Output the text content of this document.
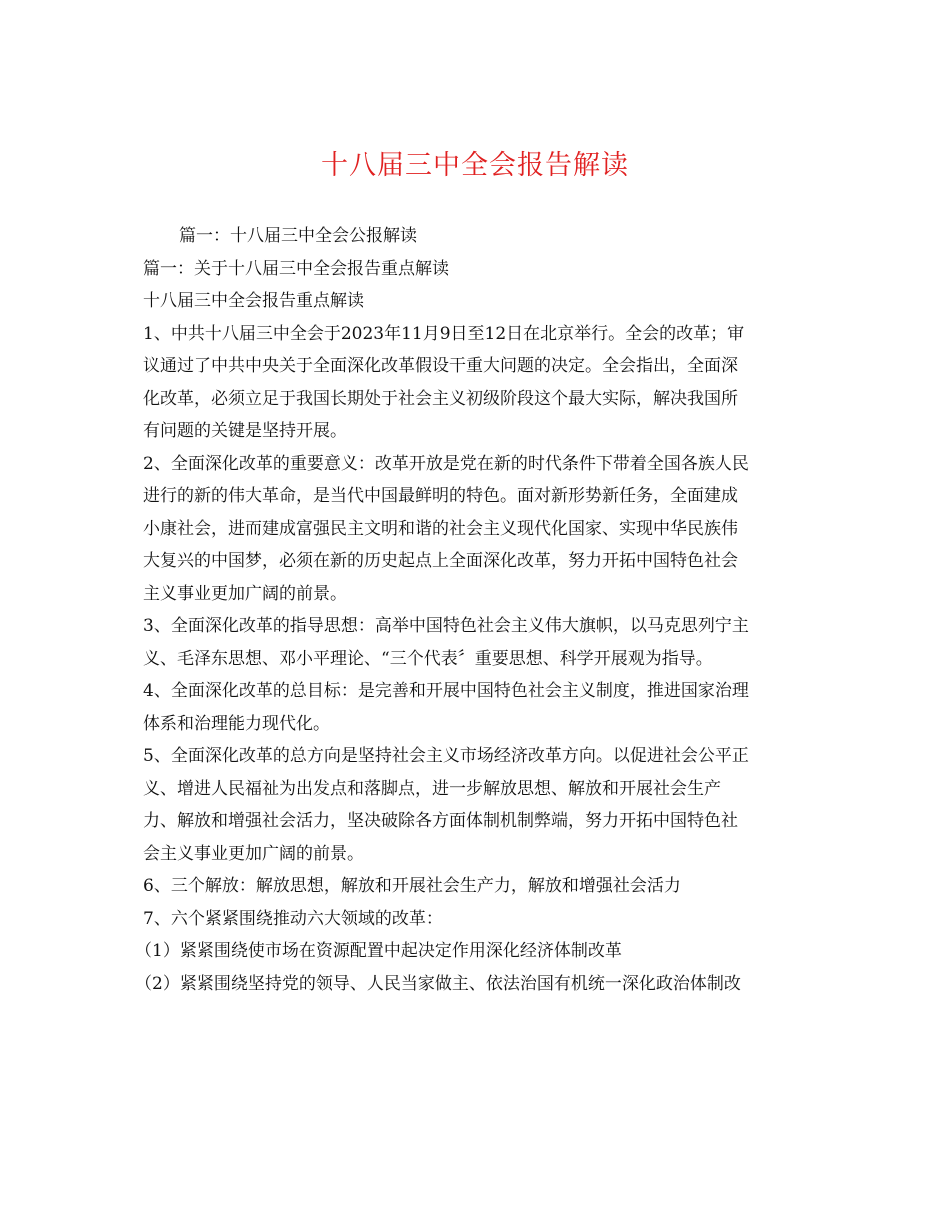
十八届三中全会报告解读
篇一：十八届三中全会公报解读
篇一：关于十八届三中全会报告重点解读
十八届三中全会报告重点解读
1、中共十八届三中全会于2023年11月9日至12日在北京举行。全会的改革；审
议通过了中共中央关于全面深化改革假设干重大问题的决定。全会指出，全面深
化改革，必须立足于我国长期处于社会主义初级阶段这个最大实际，解决我国所
有问题的关键是坚持开展。
2、全面深化改革的重要意义：改革开放是党在新的时代条件下带着全国各族人民
进行的新的伟大革命，是当代中国最鲜明的特色。面对新形势新任务，全面建成
小康社会，进而建成富强民主文明和谐的社会主义现代化国家、实现中华民族伟
大复兴的中国梦，必须在新的历史起点上全面深化改革，努力开拓中国特色社会
主义事业更加广阔的前景。
3、全面深化改革的指导思想：高举中国特色社会主义伟大旗帜，以马克思列宁主
义、毛泽东思想、邓小平理论、“三个代表〞重要思想、科学开展观为指导。
4、全面深化改革的总目标：是完善和开展中国特色社会主义制度，推进国家治理
体系和治理能力现代化。
5、全面深化改革的总方向是坚持社会主义市场经济改革方向。以促进社会公平正
义、增进人民福祉为出发点和落脚点，进一步解放思想、解放和开展社会生产
力、解放和增强社会活力，坚决破除各方面体制机制弊端，努力开拓中国特色社
会主义事业更加广阔的前景。
6、三个解放：解放思想，解放和开展社会生产力，解放和增强社会活力
7、六个紧紧围绕推动六大领域的改革：
（1）紧紧围绕使市场在资源配置中起决定作用深化经济体制改革
（2）紧紧围绕坚持党的领导、人民当家做主、依法治国有机统一深化政治体制改
